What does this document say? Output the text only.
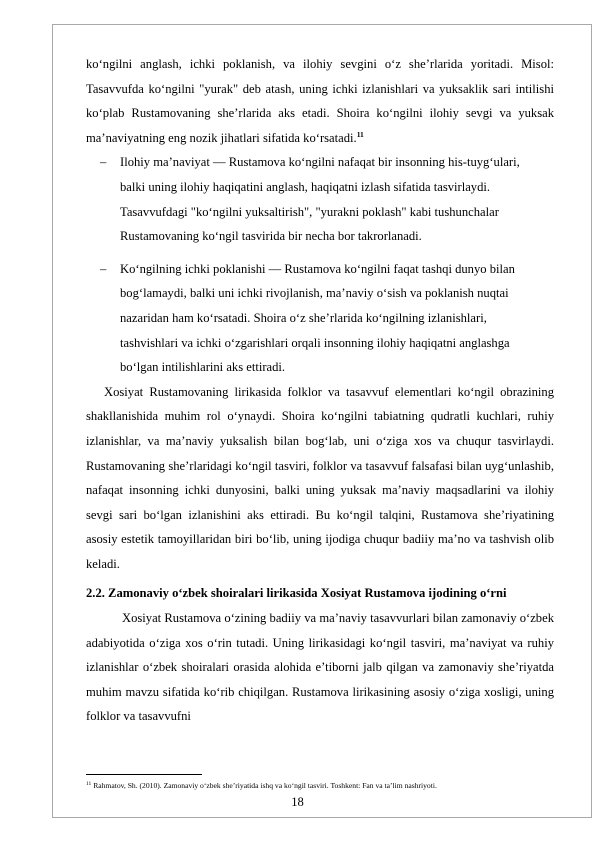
ko‘ngilni anglash, ichki poklanish, va ilohiy sevgini o‘z she’rlarida yoritadi. Misol: Tasavvufda ko‘ngilni "yurak" deb atash, uning ichki izlanishlari va yuksaklik sari intilishi ko‘plab Rustamovaning she’rlarida aks etadi. Shoira ko‘ngilni ilohiy sevgi va yuksak ma’naviyatning eng nozik jihatlari sifatida ko‘rsatadi.$^{11}$

– Ilohiy ma’naviyat — Rustamova ko‘ngilni nafaqat bir insonning his-tuyg‘ulari, balki uning ilohiy haqiqatini anglash, haqiqatni izlash sifatida tasvirlaydi. Tasavvufdagi "ko‘ngilni yuksaltirish", "yurakni poklash" kabi tushunchalar Rustamovaning ko‘ngil tasvirida bir necha bor takrorlanadi.
– Ko‘ngilning ichki poklanishi — Rustamova ko‘ngilni faqat tashqi dunyo bilan bog‘lamaydi, balki uni ichki rivojlanish, ma’naviy o‘sish va poklanish nuqtai nazaridan ham ko‘rsatadi. Shoira o‘z she’rlarida ko‘ngilning izlanishlari, tashvishlari va ichki o‘zgarishlari orqali insonning ilohiy haqiqatni anglashga bo‘lgan intilishlarini aks ettiradi.

Xosiyat Rustamovaning lirikasida folklor va tasavvuf elementlari ko‘ngil obrazining shakllanishida muhim rol o‘ynaydi. Shoira ko‘ngilni tabiatning qudratli kuchlari, ruhiy izlanishlar, va ma’naviy yuksalish bilan bog‘lab, uni o‘ziga xos va chuqur tasvirlaydi. Rustamovaning she’rlaridagi ko‘ngil tasviri, folklor va tasavvuf falsafasi bilan uyg‘unlashib, nafaqat insonning ichki dunyosini, balki uning yuksak ma’naviy maqsadlarini va ilohiy sevgi sari bo‘lgan izlanishini aks ettiradi. Bu ko‘ngil talqini, Rustamova she’riyatining asosiy estetik tamoyillaridan biri bo‘lib, uning ijodiga chuqur badiiy ma’no va tashvish olib keladi.

2.2. Zamonaviy o‘zbek shoiralari lirikasida Xosiyat Rustamova ijodining o‘rni

Xosiyat Rustamova o‘zining badiiy va ma’naviy tasavvurlari bilan zamonaviy o‘zbek adabiyotida o‘ziga xos o‘rin tutadi. Uning lirikasidagi ko‘ngil tasviri, ma’naviyat va ruhiy izlanishlar o‘zbek shoiralari orasida alohida e’tiborni jalb qilgan va zamonaviy she’riyatda muhim mavzu sifatida ko‘rib chiqilgan. Rustamova lirikasining asosiy o‘ziga xosligi, uning folklor va tasavvufni

$^{11}$ Rahmatov, Sh. (2010). Zamonaviy o‘zbek she’riyatida ishq va ko‘ngil tasviri. Toshkent: Fan va ta’lim nashriyoti.
18
